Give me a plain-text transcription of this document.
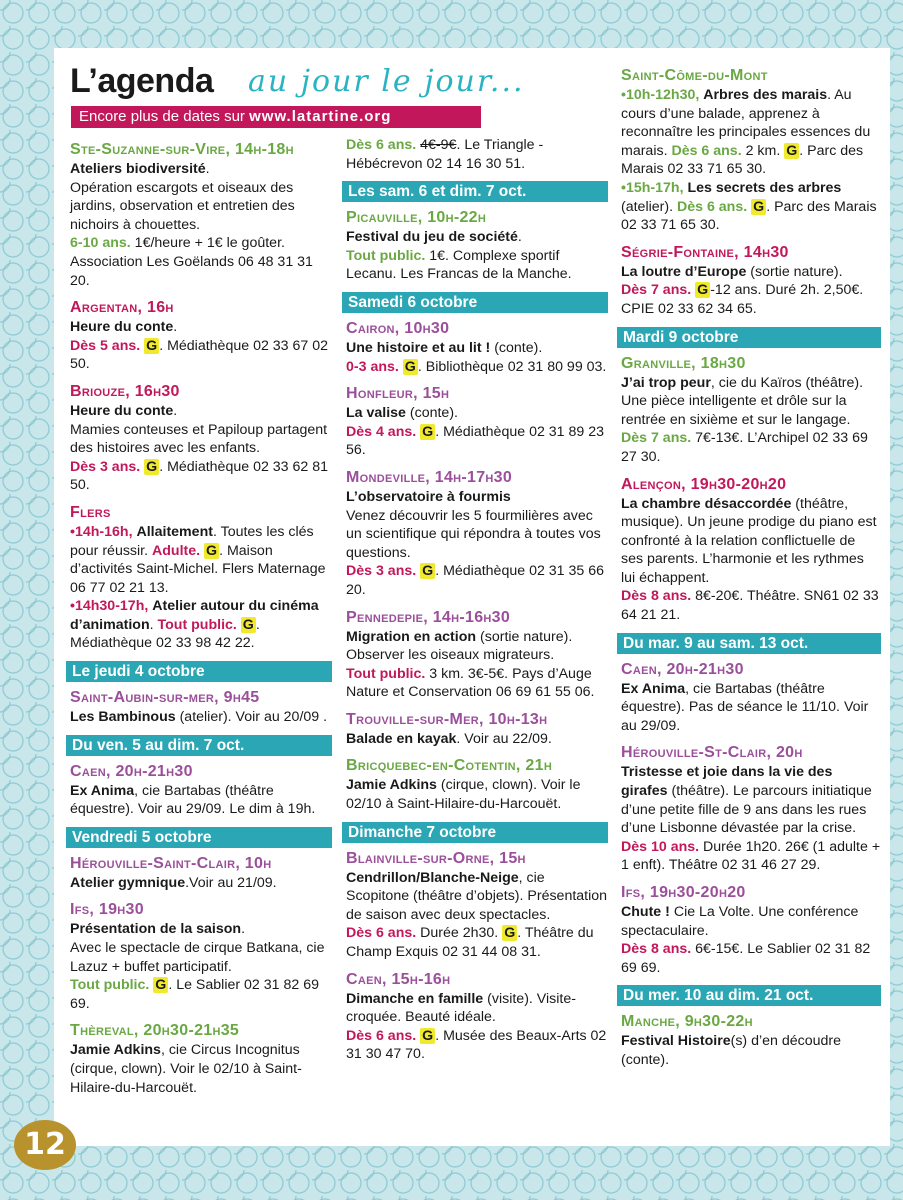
L’agenda au jour le jour...
Encore plus de dates sur www.latartine.org
Ste-Suzanne-sur-Vire, 14h-18h
Ateliers biodiversité.
Opération escargots et oiseaux des jardins, observation et entretien des nichoirs à chouettes.
6-10 ans. 1€/heure + 1€ le goûter. Association Les Goëlands 06 48 31 31 20.
Argentan, 16h
Heure du conte.
Dès 5 ans. G . Médiathèque 02 33 67 02 50.
Briouze, 16h30
Heure du conte.
Mamies conteuses et Papiloup partagent des histoires avec les enfants.
Dès 3 ans. G . Médiathèque 02 33 62 81 50.
Flers
•14h-16h, Allaitement. Toutes les clés pour réussir. Adulte. G . Maison d’activités Saint-Michel. Flers Maternage 06 77 02 21 13.
•14h30-17h, Atelier autour du cinéma d’animation. Tout public. G . Médiathèque 02 33 98 42 22.
Le jeudi 4 octobre
Saint-Aubin-sur-mer, 9h45
Les Bambinous (atelier). Voir au 20/09 .
Du ven. 5 au dim. 7 oct.
Caen, 20h-21h30
Ex Anima, cie Bartabas (théâtre équestre). Voir au 29/09. Le dim à 19h.
Vendredi 5 octobre
Hérouville-Saint-Clair, 10h
Atelier gymnique.Voir au 21/09.
Ifs, 19h30
Présentation de la saison.
Avec le spectacle de cirque Batkana, cie Lazuz + buffet participatif.
Tout public. G . Le Sablier 02 31 82 69 69.
Thèreval, 20h30-21h35
Jamie Adkins, cie Circus Incognitus (cirque, clown). Voir le 02/10 à Saint-Hilaire-du-Harcouët.
Dès 6 ans. 4€-9€. Le Triangle - Hébécrevon 02 14 16 30 51.
Les sam. 6 et dim. 7 oct.
Picauville, 10h-22h
Festival du jeu de société.
Tout public. 1€. Complexe sportif Lecanu. Les Francas de la Manche.
Samedi 6 octobre
Cairon, 10h30
Une histoire et au lit ! (conte).
0-3 ans. G . Bibliothèque 02 31 80 99 03.
Honfleur, 15h
La valise (conte).
Dès 4 ans. G . Médiathèque 02 31 89 23 56.
Mondeville, 14h-17h30
L’observatoire à fourmis
Venez découvrir les 5 fourmilières avec un scientifique qui répondra à toutes vos questions.
Dès 3 ans. G . Médiathèque 02 31 35 66 20.
Pennedepie, 14h-16h30
Migration en action (sortie nature). Observer les oiseaux migrateurs.
Tout public. 3 km. 3€-5€. Pays d’Auge Nature et Conservation 06 69 61 55 06.
Trouville-sur-Mer, 10h-13h
Balade en kayak. Voir au 22/09.
Bricquebec-en-Cotentin, 21h
Jamie Adkins (cirque, clown). Voir le 02/10 à Saint-Hilaire-du-Harcouët.
Dimanche 7 octobre
Blainville-sur-Orne, 15h
Cendrillon/Blanche-Neige, cie Scopitone (théâtre d’objets). Présentation de saison avec deux spectacles.
Dès 6 ans. Durée 2h30. G . Théâtre du Champ Exquis 02 31 44 08 31.
Caen, 15h-16h
Dimanche en famille (visite). Visite-croquée. Beauté idéale.
Dès 6 ans. G . Musée des Beaux-Arts 02 31 30 47 70.
Saint-Côme-du-Mont
•10h-12h30, Arbres des marais. Au cours d’une balade, apprenez à reconnaître les principales essences du marais. Dès 6 ans. 2 km. G . Parc des Marais 02 33 71 65 30.
•15h-17h, Les secrets des arbres (atelier). Dès 6 ans. G . Parc des Marais 02 33 71 65 30.
Ségrie-Fontaine, 14h30
La loutre d’Europe (sortie nature).
Dès 7 ans. G -12 ans. Duré 2h. 2,50€. CPIE 02 33 62 34 65.
Mardi 9 octobre
Granville, 18h30
J’ai trop peur, cie du Kaïros (théâtre). Une pièce intelligente et drôle sur la rentrée en sixième et sur le langage.
Dès 7 ans. 7€-13€. L’Archipel 02 33 69 27 30.
Alençon, 19h30-20h20
La chambre désaccordée (théâtre, musique). Un jeune prodige du piano est confronté à la relation conflictuelle de ses parents. L’harmonie et les rythmes lui échappent.
Dès 8 ans. 8€-20€. Théâtre. SN61 02 33 64 21 21.
Du mar. 9 au sam. 13 oct.
Caen, 20h-21h30
Ex Anima, cie Bartabas (théâtre équestre). Pas de séance le 11/10. Voir au 29/09.
Hérouville-St-Clair, 20h
Tristesse et joie dans la vie des girafes (théâtre). Le parcours initiatique d’une petite fille de 9 ans dans les rues d’une Lisbonne dévastée par la crise.
Dès 10 ans. Durée 1h20. 26€ (1 adulte + 1 enft). Théâtre 02 31 46 27 29.
Ifs, 19h30-20h20
Chute ! Cie La Volte. Une conférence spectaculaire.
Dès 8 ans. 6€-15€. Le Sablier 02 31 82 69 69.
Du mer. 10 au dim. 21 oct.
Manche, 9h30-22h
Festival Histoire(s) d’en découdre (conte).
12
